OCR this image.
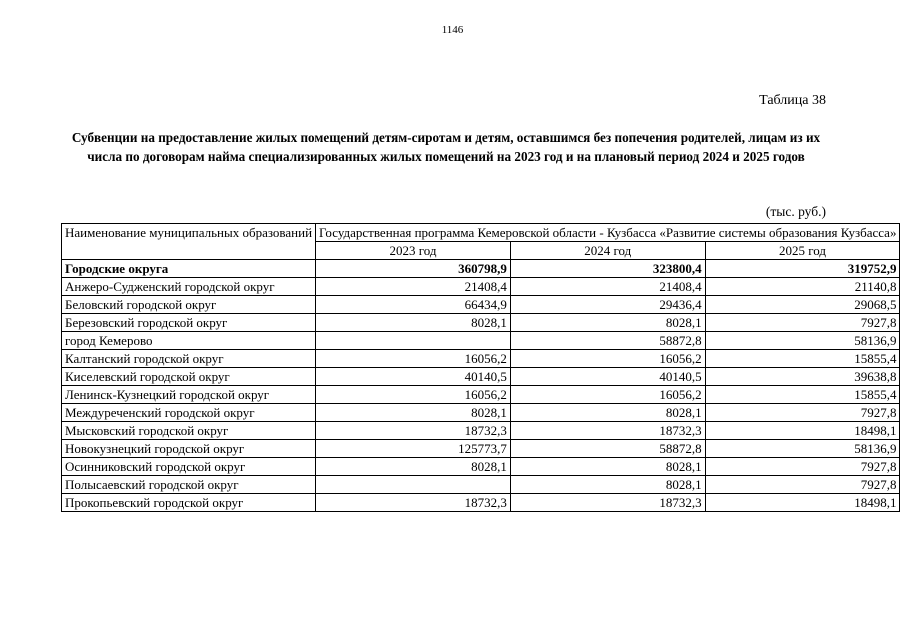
1146
Таблица 38
Субвенции на предоставление жилых помещений детям-сиротам и детям, оставшимся без попечения родителей, лицам из их числа по договорам найма специализированных жилых помещений на 2023 год и на плановый период 2024 и 2025 годов
(тыс. руб.)
Наименование муниципальных образований	Государственная программа Кемеровской области - Кузбасса «Развитие системы образования Кузбасса»		
	2023 год	2024 год	2025 год
Городские округа	360798,9	323800,4	319752,9
Анжеро-Судженский городской округ	21408,4	21408,4	21140,8
Беловский городской округ	66434,9	29436,4	29068,5
Березовский городской округ	8028,1	8028,1	7927,8
город Кемерово		58872,8	58136,9
Калтанский городской округ	16056,2	16056,2	15855,4
Киселевский городской округ	40140,5	40140,5	39638,8
Ленинск-Кузнецкий городской округ	16056,2	16056,2	15855,4
Междуреченский городской округ	8028,1	8028,1	7927,8
Мысковский городской округ	18732,3	18732,3	18498,1
Новокузнецкий городской округ	125773,7	58872,8	58136,9
Осинниковский городской округ	8028,1	8028,1	7927,8
Полысаевский городской округ		8028,1	7927,8
Прокопьевский городской округ	18732,3	18732,3	18498,1
